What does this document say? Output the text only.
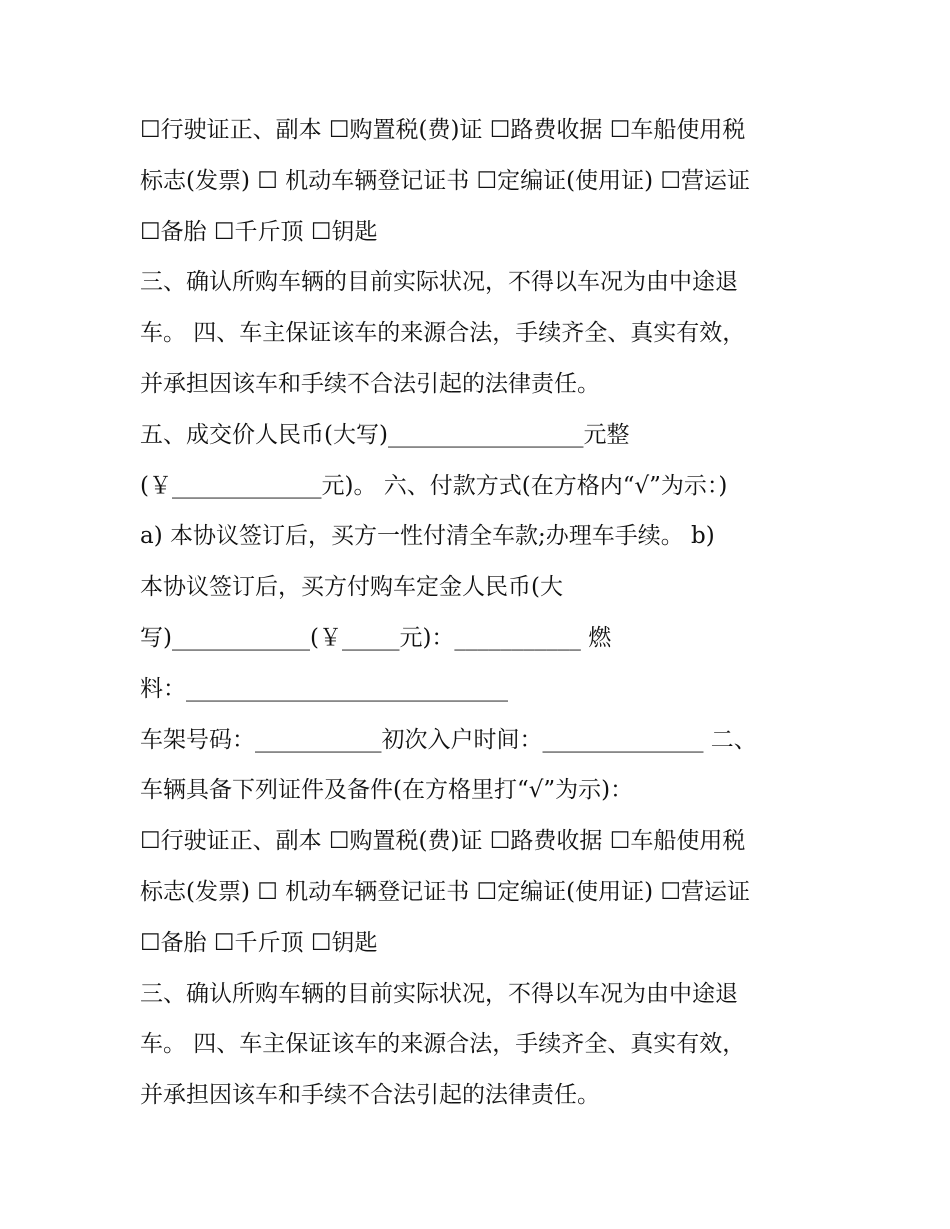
☐行驶证正、副本 ☐购置税(费)证 ☐路费收据 ☐车船使用税
标志(发票) ☐ 机动车辆登记证书 ☐定编证(使用证) ☐营运证
☐备胎 ☐千斤顶 ☐钥匙
三、确认所购车辆的目前实际状况，不得以车况为由中途退
车。 四、车主保证该车的来源合法，手续齐全、真实有效，
并承担因该车和手续不合法引起的法律责任。
五、成交价人民币(大写)_________________元整
(￥_____________元)。 六、付款方式(在方格内“√”为示：)
a) 本协议签订后，买方一性付清全车款;办理车手续。 b)
本协议签订后，买方付购车定金人民币(大
写)____________(￥_____元)：___________ 燃
料：____________________________
车架号码：___________初次入户时间：______________ 二、
车辆具备下列证件及备件(在方格里打“√”为示)：
☐行驶证正、副本 ☐购置税(费)证 ☐路费收据 ☐车船使用税
标志(发票) ☐ 机动车辆登记证书 ☐定编证(使用证) ☐营运证
☐备胎 ☐千斤顶 ☐钥匙
三、确认所购车辆的目前实际状况，不得以车况为由中途退
车。 四、车主保证该车的来源合法，手续齐全、真实有效，
并承担因该车和手续不合法引起的法律责任。
